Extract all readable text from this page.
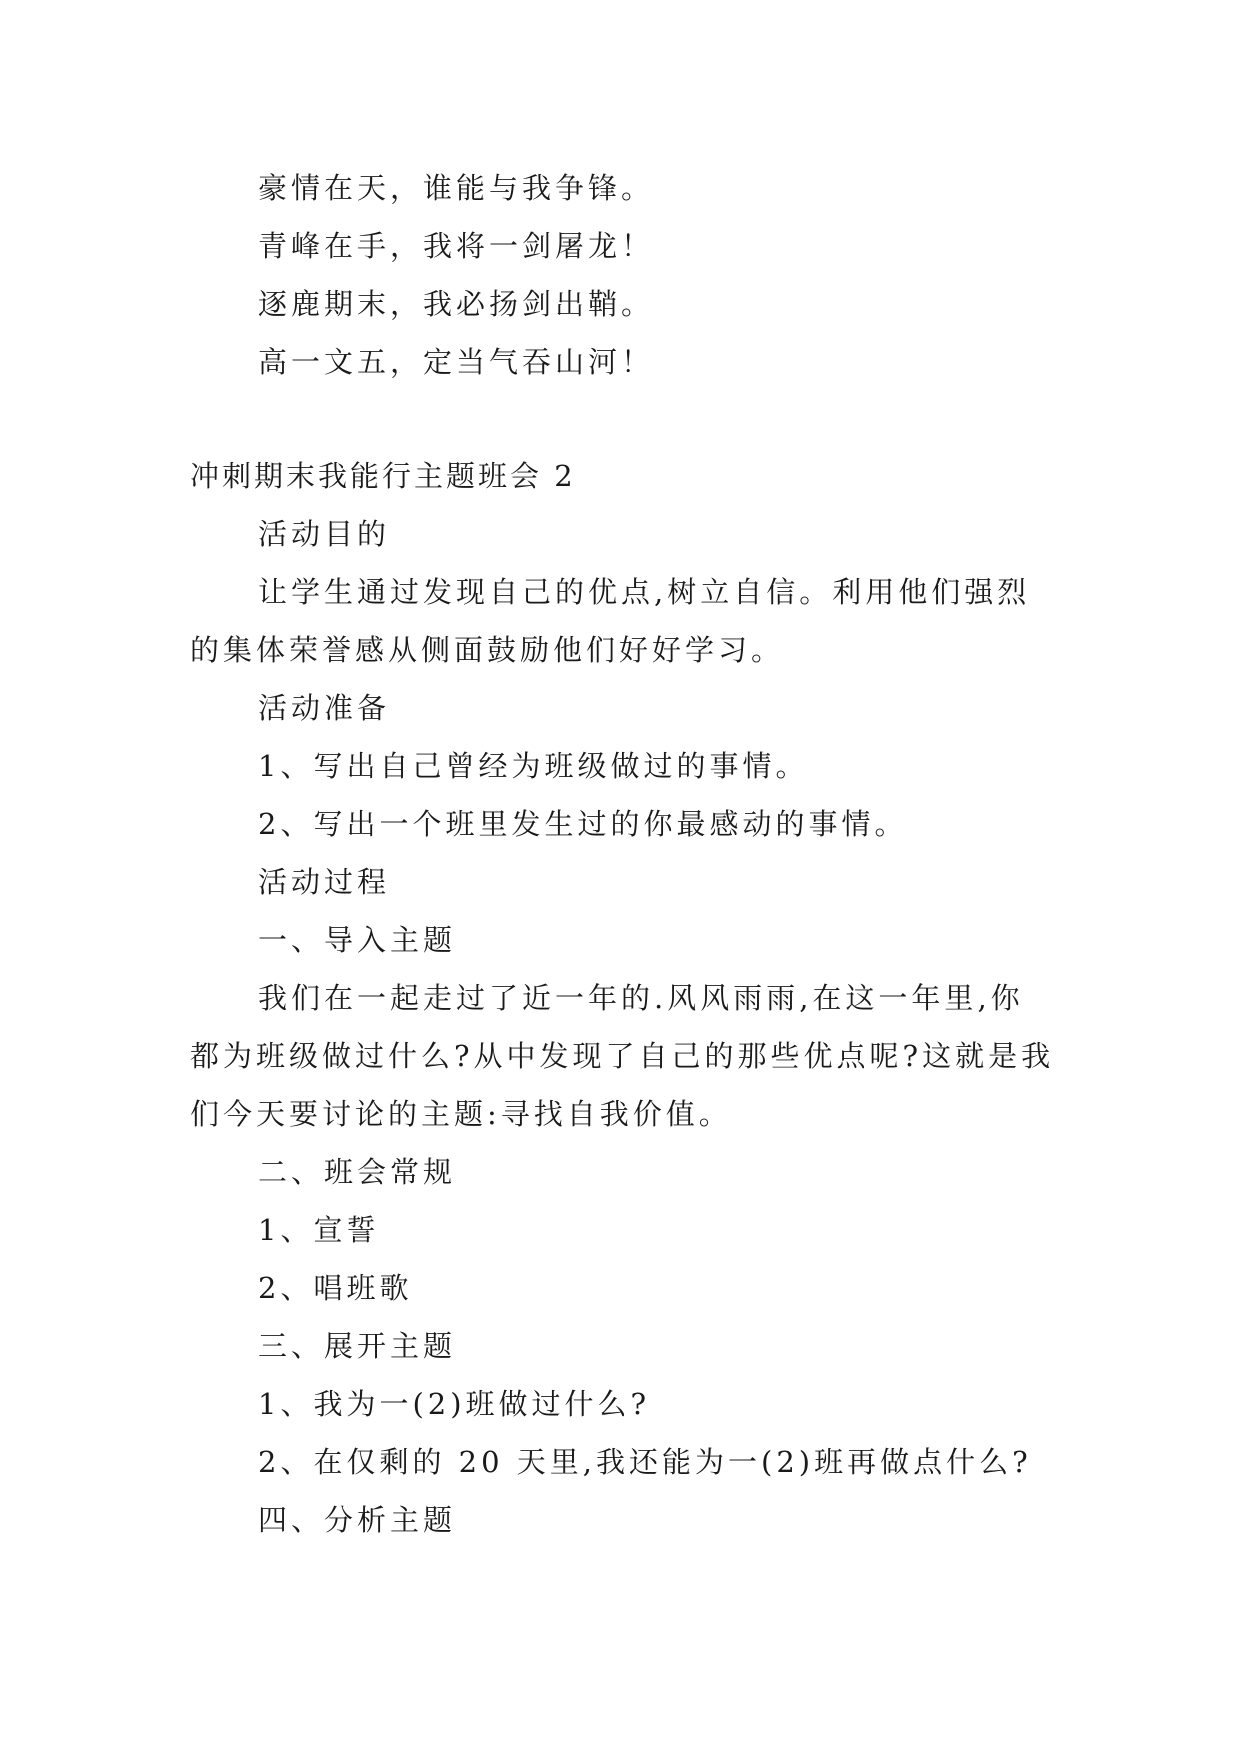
豪情在天，谁能与我争锋。
青峰在手，我将一剑屠龙！
逐鹿期末，我必扬剑出鞘。
高一文五，定当气吞山河！
冲刺期末我能行主题班会 2
活动目的
让学生通过发现自己的优点,树立自信。利用他们强烈
的集体荣誉感从侧面鼓励他们好好学习。
活动准备
1、写出自己曾经为班级做过的事情。
2、写出一个班里发生过的你最感动的事情。
活动过程
一、导入主题
我们在一起走过了近一年的.风风雨雨,在这一年里,你
都为班级做过什么?从中发现了自己的那些优点呢?这就是我
们今天要讨论的主题:寻找自我价值。
二、班会常规
1、宣誓
2、唱班歌
三、展开主题
1、我为一(2)班做过什么?
2、在仅剩的 20 天里,我还能为一(2)班再做点什么?
四、分析主题
